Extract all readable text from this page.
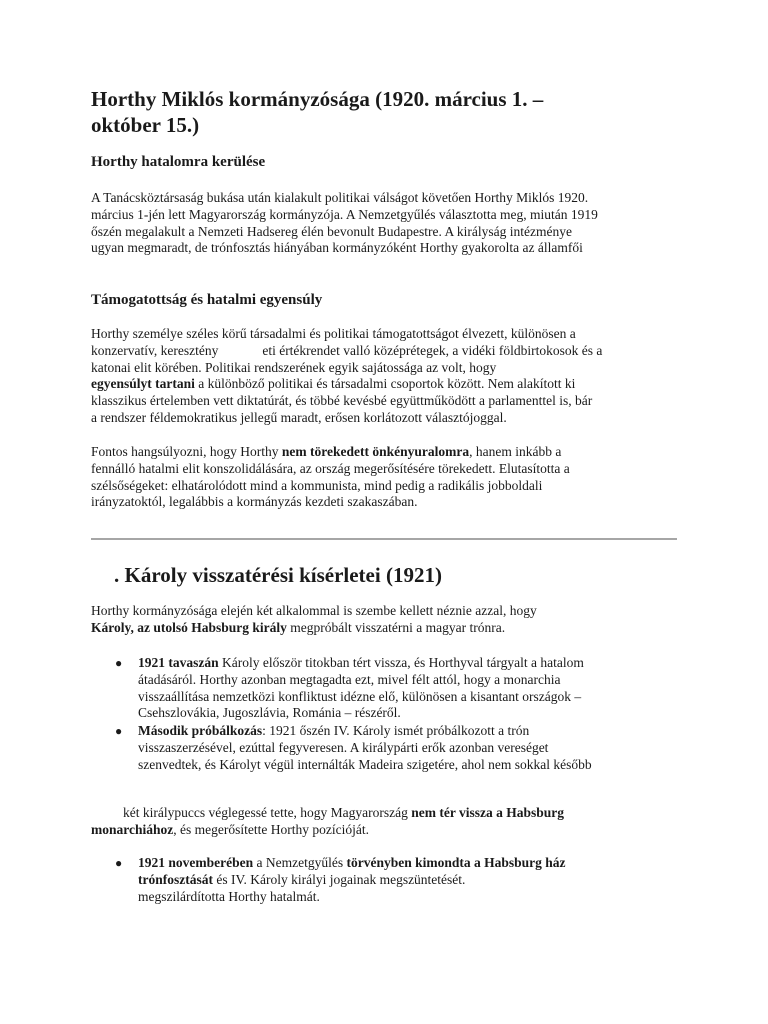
Horthy Miklós kormányzósága (1920. március 1. –
október 15.)
Horthy hatalomra kerülése

A Tanácsköztársaság bukása után kialakult politikai válságot követően Horthy Miklós 1920.
március 1-jén lett Magyarország kormányzója. A Nemzetgyűlés választotta meg, miután 1919
őszén megalakult a Nemzeti Hadsereg élén bevonult Budapestre. A királyság intézménye
ugyan megmaradt, de trónfosztás hiányában kormányzóként Horthy gyakorolta az államfői

Támogatottság és hatalmi egyensúly

Horthy személye széles körű társadalmi és politikai támogatottságot élvezett, különösen a
konzervatív, keresztény	eti értékrendet valló középrétegek, a vidéki földbirtokosok és a
katonai elit körében. Politikai rendszerének egyik sajátossága az volt, hogy
egyensúlyt tartani a különböző politikai és társadalmi csoportok között. Nem alakított ki
klasszikus értelemben vett diktatúrát, és többé kevésbé együttműködött a parlamenttel is, bár
a rendszer féldemokratikus jellegű maradt, erősen korlátozott választójoggal.

Fontos hangsúlyozni, hogy Horthy nem törekedett önkényuralomra, hanem inkább a
fennálló hatalmi elit konszolidálására, az ország megerősítésére törekedett. Elutasította a
szélsőségeket: elhatárolódott mind a kommunista, mind pedig a radikális jobboldali
irányzatoktól, legalábbis a kormányzás kezdeti szakaszában.

. Károly visszatérési kísérletei (1921)

Horthy kormányzósága elején két alkalommal is szembe kellett néznie azzal, hogy
Károly, az utolsó Habsburg király megpróbált visszatérni a magyar trónra.

● 1921 tavaszán Károly először titokban tért vissza, és Horthyval tárgyalt a hatalom
átadásáról. Horthy azonban megtagadta ezt, mivel félt attól, hogy a monarchia
visszaállítása nemzetközi konfliktust idézne elő, különösen a kisantant országok –
Csehszlovákia, Jugoszlávia, Románia – részéről.
● Második próbálkozás: 1921 őszén IV. Károly ismét próbálkozott a trón
visszaszerzésével, ezúttal fegyveresen. A királypárti erők azonban vereséget
szenvedtek, és Károlyt végül internálták Madeira szigetére, ahol nem sokkal később

két királypuccs véglegessé tette, hogy Magyarország nem tér vissza a Habsburg

monarchiához, és megerősítette Horthy pozícióját.

● 1921 novemberében a Nemzetgyűlés törvényben kimondta a Habsburg ház
trónfosztását és IV. Károly királyi jogainak megszüntetését.
megszilárdította Horthy hatalmát.
